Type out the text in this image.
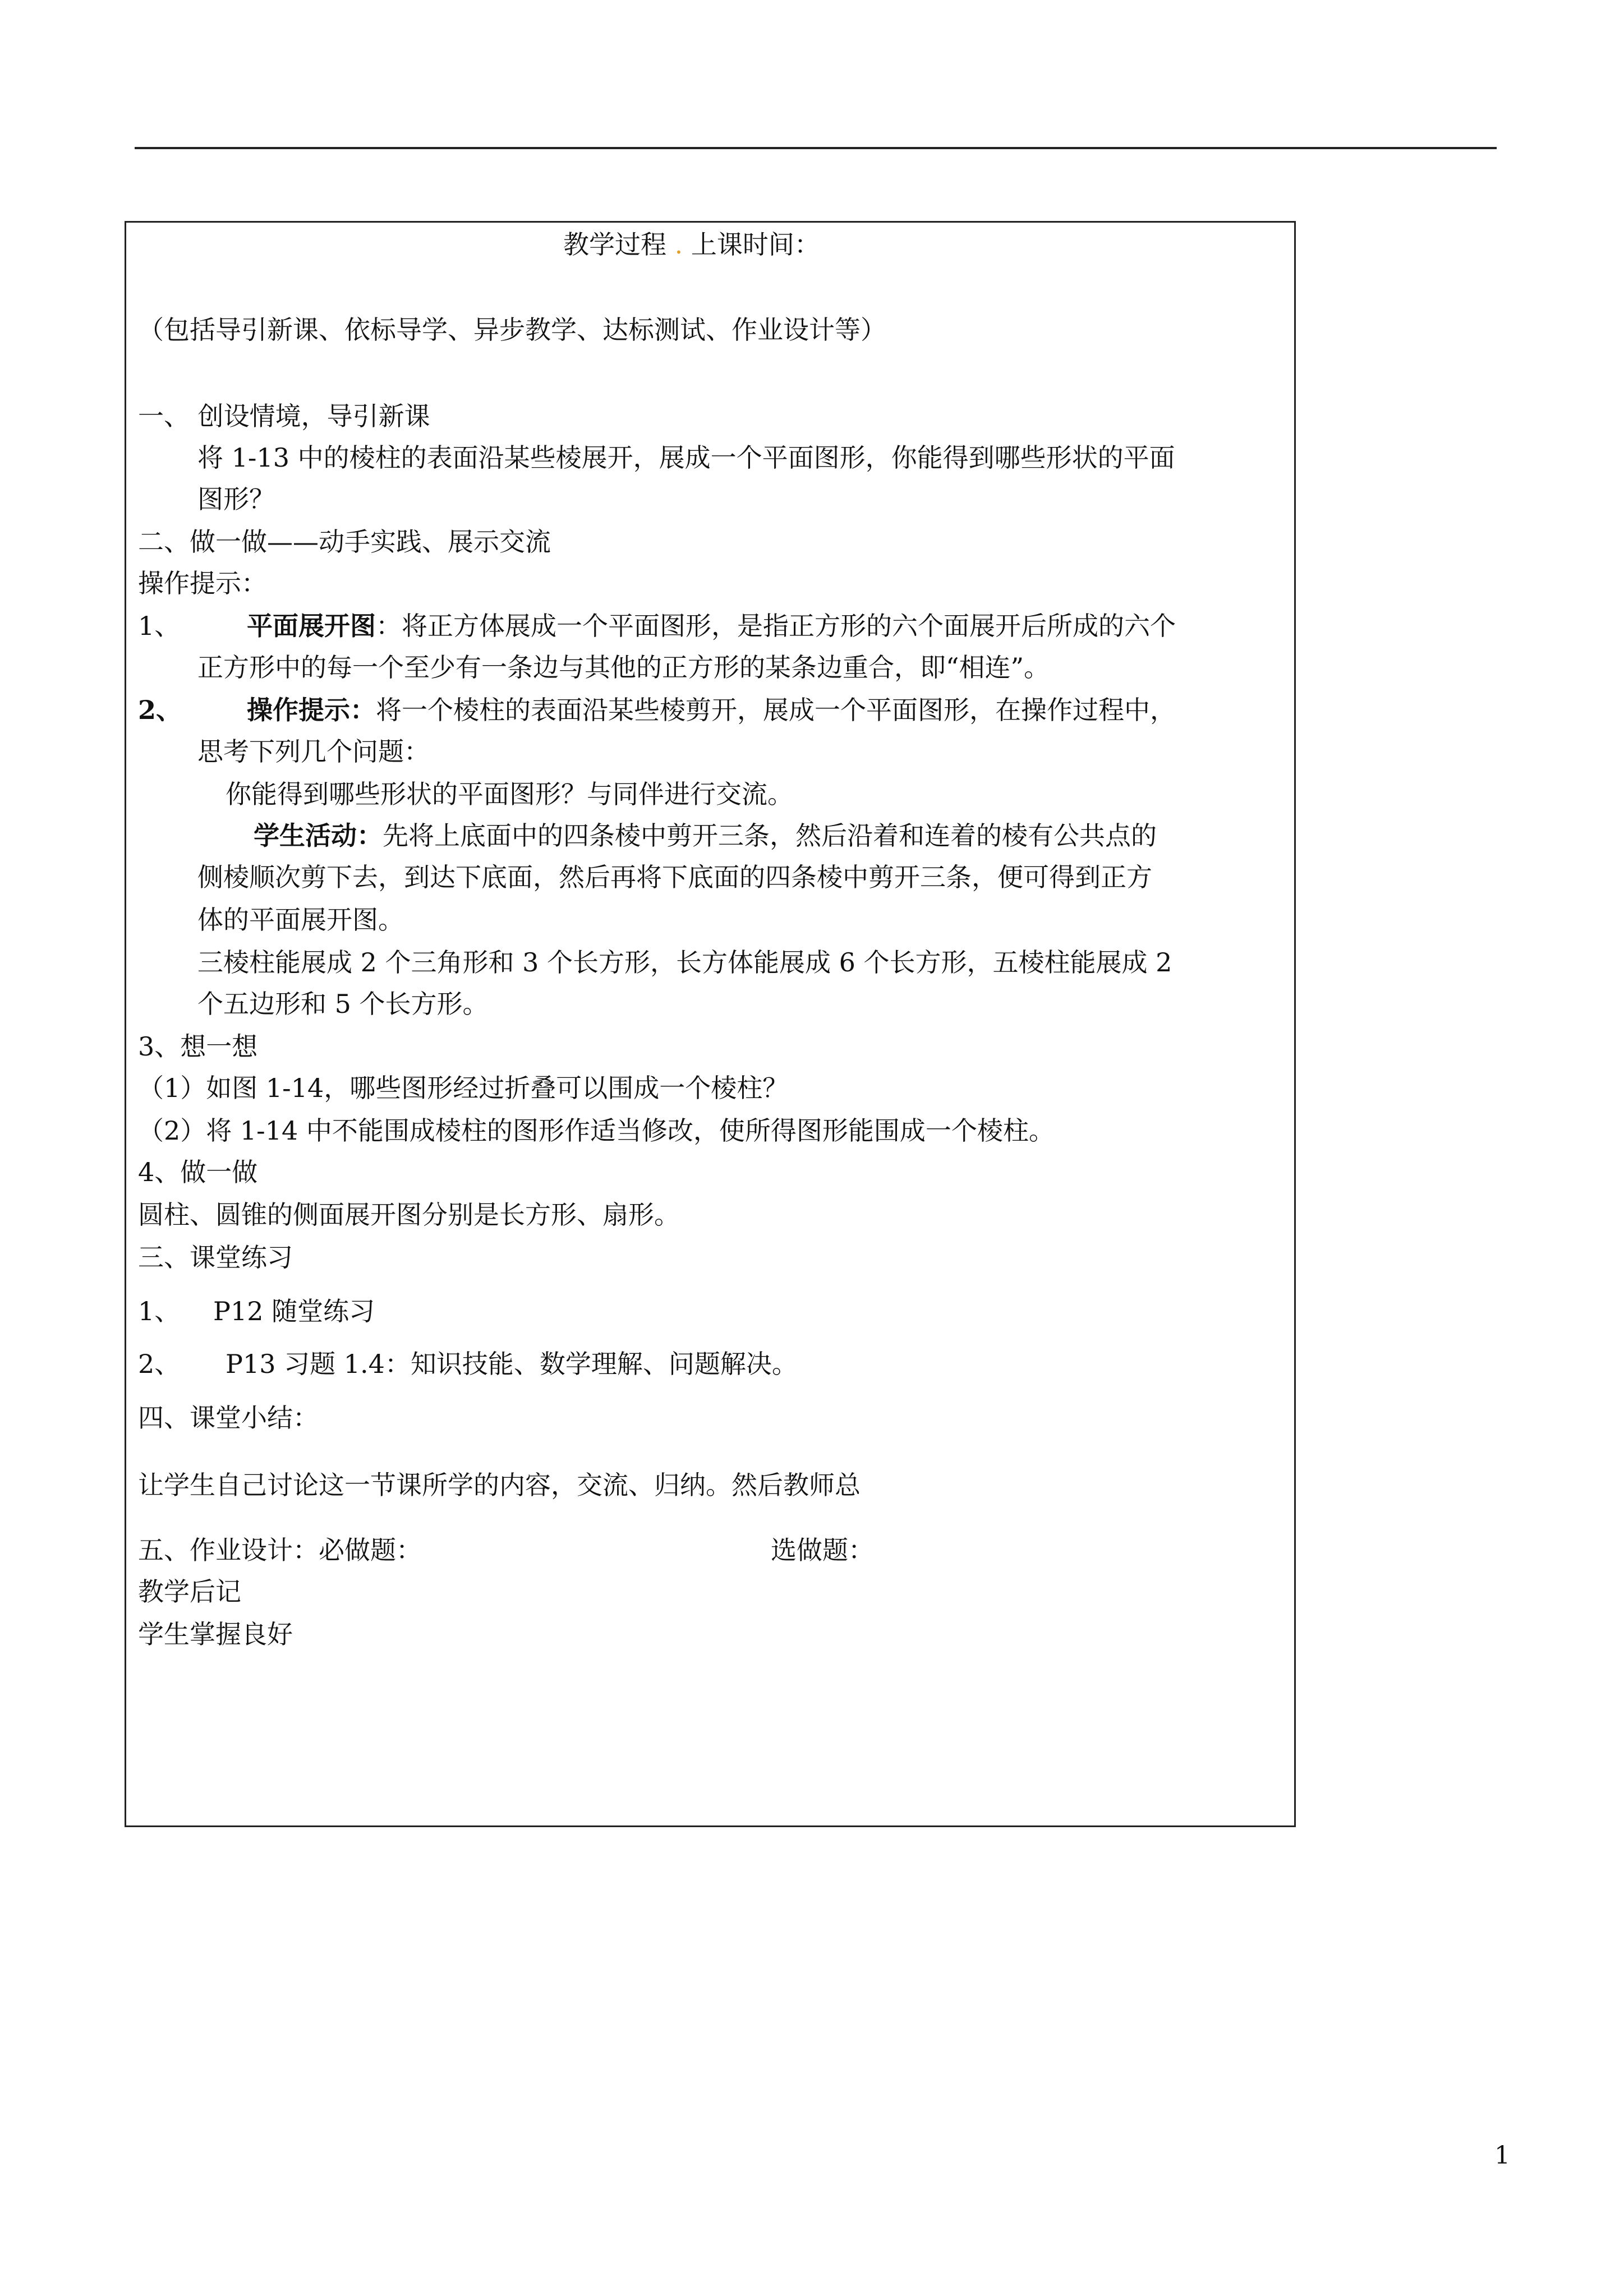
教学过程 . 上课时间：
（包括导引新课、依标导学、异步教学、达标测试、作业设计等）
一、 创设情境，导引新课
将 1-13 中的棱柱的表面沿某些棱展开，展成一个平面图形，你能得到哪些形状的平面
图形？
二、做一做——动手实践、展示交流
操作提示：
1、	平面展开图：将正方体展成一个平面图形，是指正方形的六个面展开后所成的六个
正方形中的每一个至少有一条边与其他的正方形的某条边重合，即“相连”。
2、	操作提示：将一个棱柱的表面沿某些棱剪开，展成一个平面图形，在操作过程中，
思考下列几个问题：
你能得到哪些形状的平面图形？与同伴进行交流。
学生活动：先将上底面中的四条棱中剪开三条，然后沿着和连着的棱有公共点的
侧棱顺次剪下去，到达下底面，然后再将下底面的四条棱中剪开三条，便可得到正方
体的平面展开图。
三棱柱能展成 2 个三角形和 3 个长方形，长方体能展成 6 个长方形，五棱柱能展成 2
个五边形和 5 个长方形。
3、想一想
（1）如图 1-14，哪些图形经过折叠可以围成一个棱柱？
（2）将 1-14 中不能围成棱柱的图形作适当修改，使所得图形能围成一个棱柱。
4、做一做
圆柱、圆锥的侧面展开图分别是长方形、扇形。
三、课堂练习
1、 P12 随堂练习
2、 P13 习题 1.4：知识技能、数学理解、问题解决。
四、课堂小结：
让学生自己讨论这一节课所学的内容，交流、归纳。然后教师总
五、作业设计：必做题：	选做题：
教学后记
学生掌握良好
1
